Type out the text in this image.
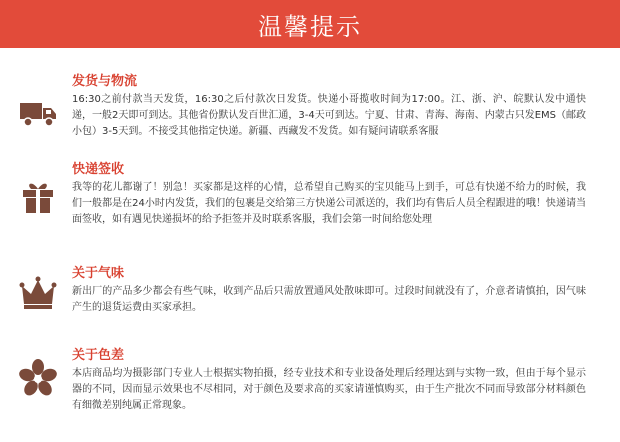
温馨提示
发货与物流
16:30之前付款当天发货，16:30之后付款次日发货。快递小哥揽收时间为17:00。江、浙、沪、皖默认发中通快递，一般2天即可到达。其他省份默认发百世汇通，3-4天可到达。宁夏、甘肃、青海、海南、内蒙古只发EMS（邮政小包）3-5天到。不接受其他指定快递。新疆、西藏发不发货。如有疑问请联系客服
快递签收
我等的花儿都谢了！别急！买家都是这样的心情，总希望自己购买的宝贝能马上到手，可总有快递不给力的时候，我们一般都是在24小时内发货，我们的包裹是交给第三方快递公司派送的，我们均有售后人员全程跟进的哦！快递请当面签收，如有遇见快递损坏的给予拒签并及时联系客服，我们会第一时间给您处理
关于气味
新出厂的产品多少都会有些气味，收到产品后只需放置通风处散味即可。过段时间就没有了，介意者请慎拍，因气味产生的退货运费由买家承担。
关于色差
本店商品均为摄影部门专业人士根据实物拍摄，经专业技术和专业设备处理后经理达到与实物一致，但由于每个显示器的不同，因而显示效果也不尽相同，对于颜色及要求高的买家请谨慎购买，由于生产批次不同而导致部分材料颜色有细微差别纯属正常现象。
